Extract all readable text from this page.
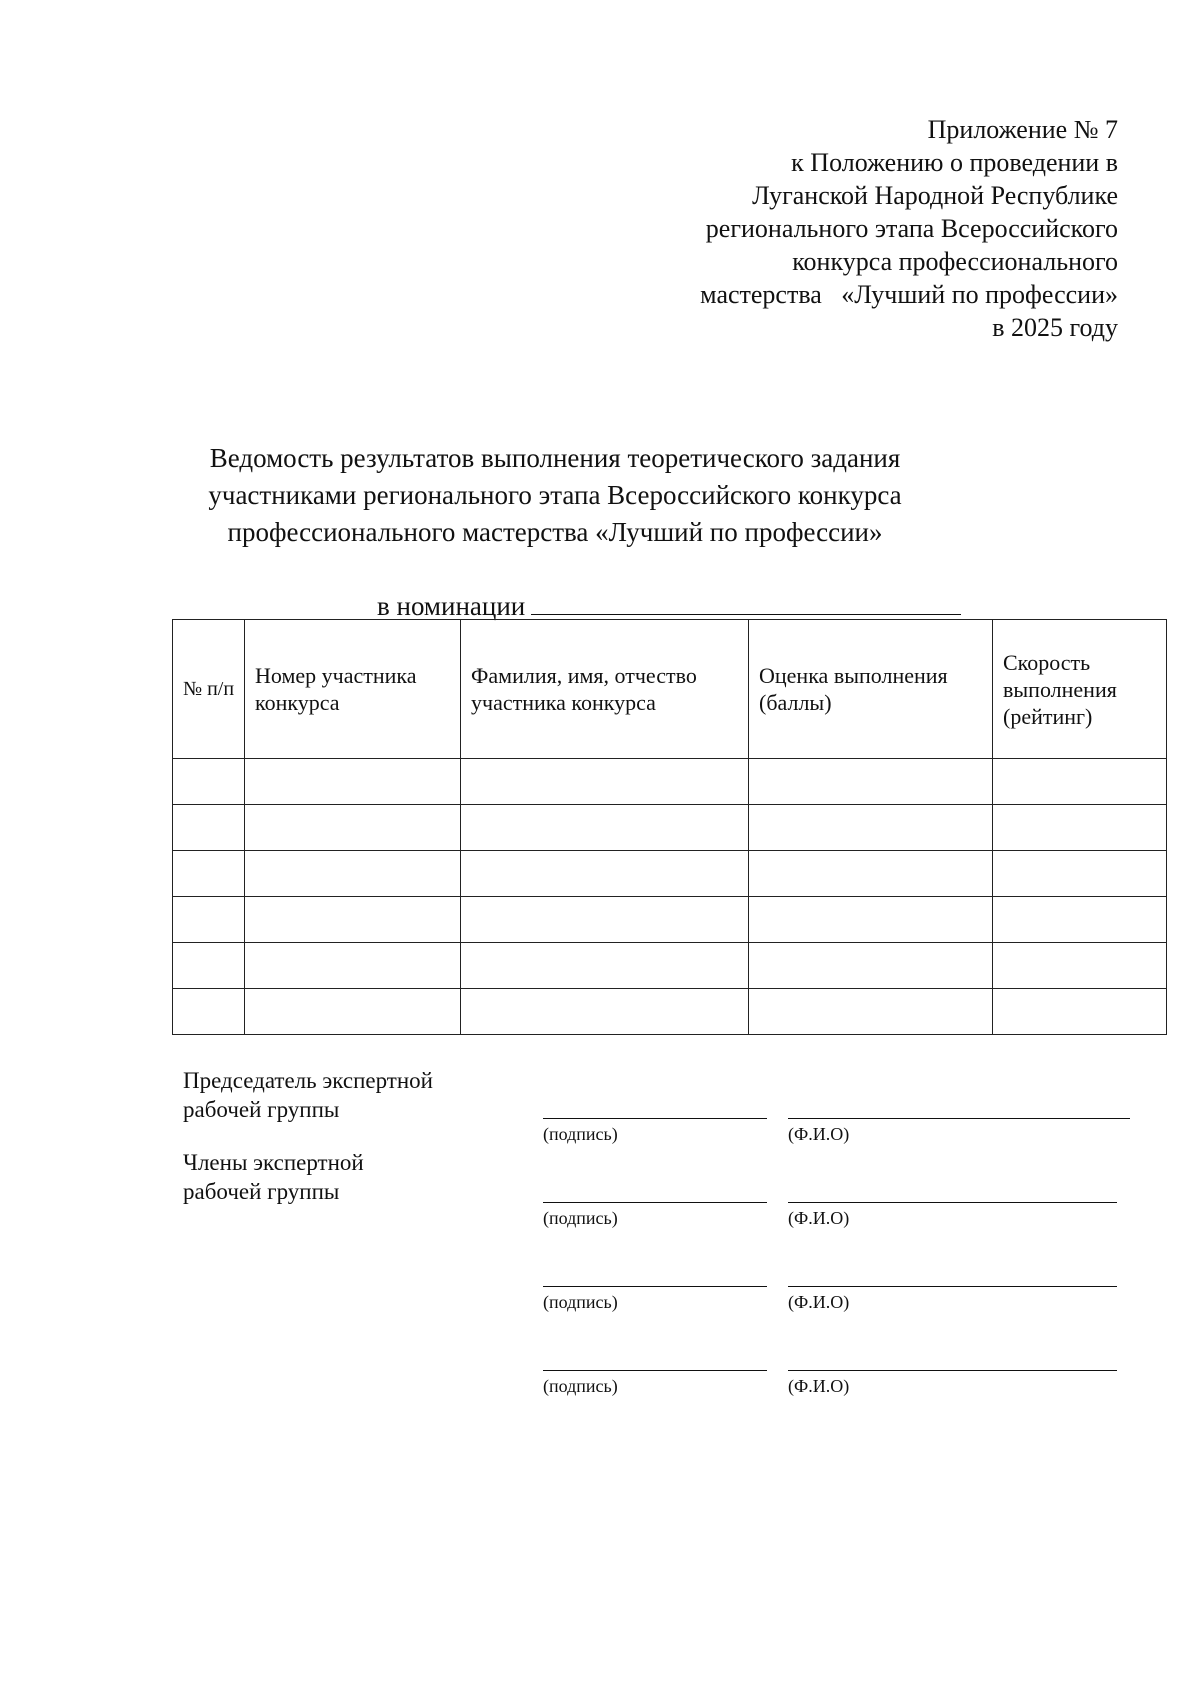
Приложение № 7
к Положению о проведении в
Луганской Народной Республике
регионального этапа Всероссийского
конкурса профессионального
мастерства   «Лучший по профессии»
в 2025 году
Ведомость результатов выполнения теоретического задания
участниками регионального этапа Всероссийского конкурса
профессионального мастерства «Лучший по профессии»

в номинации

№ п/п	Номер участника конкурса	Фамилия, имя, отчество участника конкурса	Оценка выполнения (баллы)	Скорость выполнения (рейтинг)

Председатель экспертной рабочей группы
Члены экспертной рабочей группы
(подпись)	(Ф.И.О)
(подпись)	(Ф.И.О)
(подпись)	(Ф.И.О)
(подпись)	(Ф.И.О)
